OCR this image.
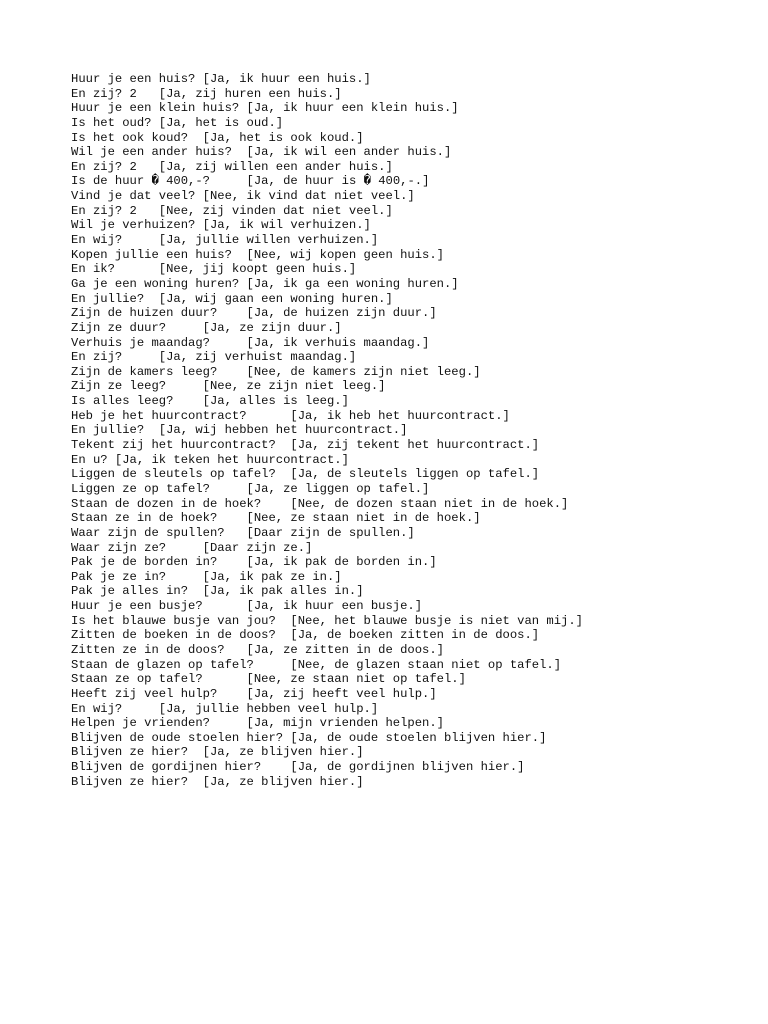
Huur je een huis? [Ja, ik huur een huis.]
En zij? 2   [Ja, zij huren een huis.]
Huur je een klein huis? [Ja, ik huur een klein huis.]
Is het oud? [Ja, het is oud.]
Is het ook koud?  [Ja, het is ook koud.]
Wil je een ander huis?  [Ja, ik wil een ander huis.]
En zij? 2   [Ja, zij willen een ander huis.]
Is de huur � 400,-?     [Ja, de huur is � 400,-.]
Vind je dat veel? [Nee, ik vind dat niet veel.]
En zij? 2   [Nee, zij vinden dat niet veel.]
Wil je verhuizen? [Ja, ik wil verhuizen.]
En wij?     [Ja, jullie willen verhuizen.]
Kopen jullie een huis?  [Nee, wij kopen geen huis.]
En ik?      [Nee, jij koopt geen huis.]
Ga je een woning huren? [Ja, ik ga een woning huren.]
En jullie?  [Ja, wij gaan een woning huren.]
Zijn de huizen duur?    [Ja, de huizen zijn duur.]
Zijn ze duur?     [Ja, ze zijn duur.]
Verhuis je maandag?     [Ja, ik verhuis maandag.]
En zij?     [Ja, zij verhuist maandag.]
Zijn de kamers leeg?    [Nee, de kamers zijn niet leeg.]
Zijn ze leeg?     [Nee, ze zijn niet leeg.]
Is alles leeg?    [Ja, alles is leeg.]
Heb je het huurcontract?      [Ja, ik heb het huurcontract.]
En jullie?  [Ja, wij hebben het huurcontract.]
Tekent zij het huurcontract?  [Ja, zij tekent het huurcontract.]
En u? [Ja, ik teken het huurcontract.]
Liggen de sleutels op tafel?  [Ja, de sleutels liggen op tafel.]
Liggen ze op tafel?     [Ja, ze liggen op tafel.]
Staan de dozen in de hoek?    [Nee, de dozen staan niet in de hoek.]
Staan ze in de hoek?    [Nee, ze staan niet in de hoek.]
Waar zijn de spullen?   [Daar zijn de spullen.]
Waar zijn ze?     [Daar zijn ze.]
Pak je de borden in?    [Ja, ik pak de borden in.]
Pak je ze in?     [Ja, ik pak ze in.]
Pak je alles in?  [Ja, ik pak alles in.]
Huur je een busje?      [Ja, ik huur een busje.]
Is het blauwe busje van jou?  [Nee, het blauwe busje is niet van mij.]
Zitten de boeken in de doos?  [Ja, de boeken zitten in de doos.]
Zitten ze in de doos?   [Ja, ze zitten in de doos.]
Staan de glazen op tafel?     [Nee, de glazen staan niet op tafel.]
Staan ze op tafel?      [Nee, ze staan niet op tafel.]
Heeft zij veel hulp?    [Ja, zij heeft veel hulp.]
En wij?     [Ja, jullie hebben veel hulp.]
Helpen je vrienden?     [Ja, mijn vrienden helpen.]
Blijven de oude stoelen hier? [Ja, de oude stoelen blijven hier.]
Blijven ze hier?  [Ja, ze blijven hier.]
Blijven de gordijnen hier?    [Ja, de gordijnen blijven hier.]
Blijven ze hier?  [Ja, ze blijven hier.]
